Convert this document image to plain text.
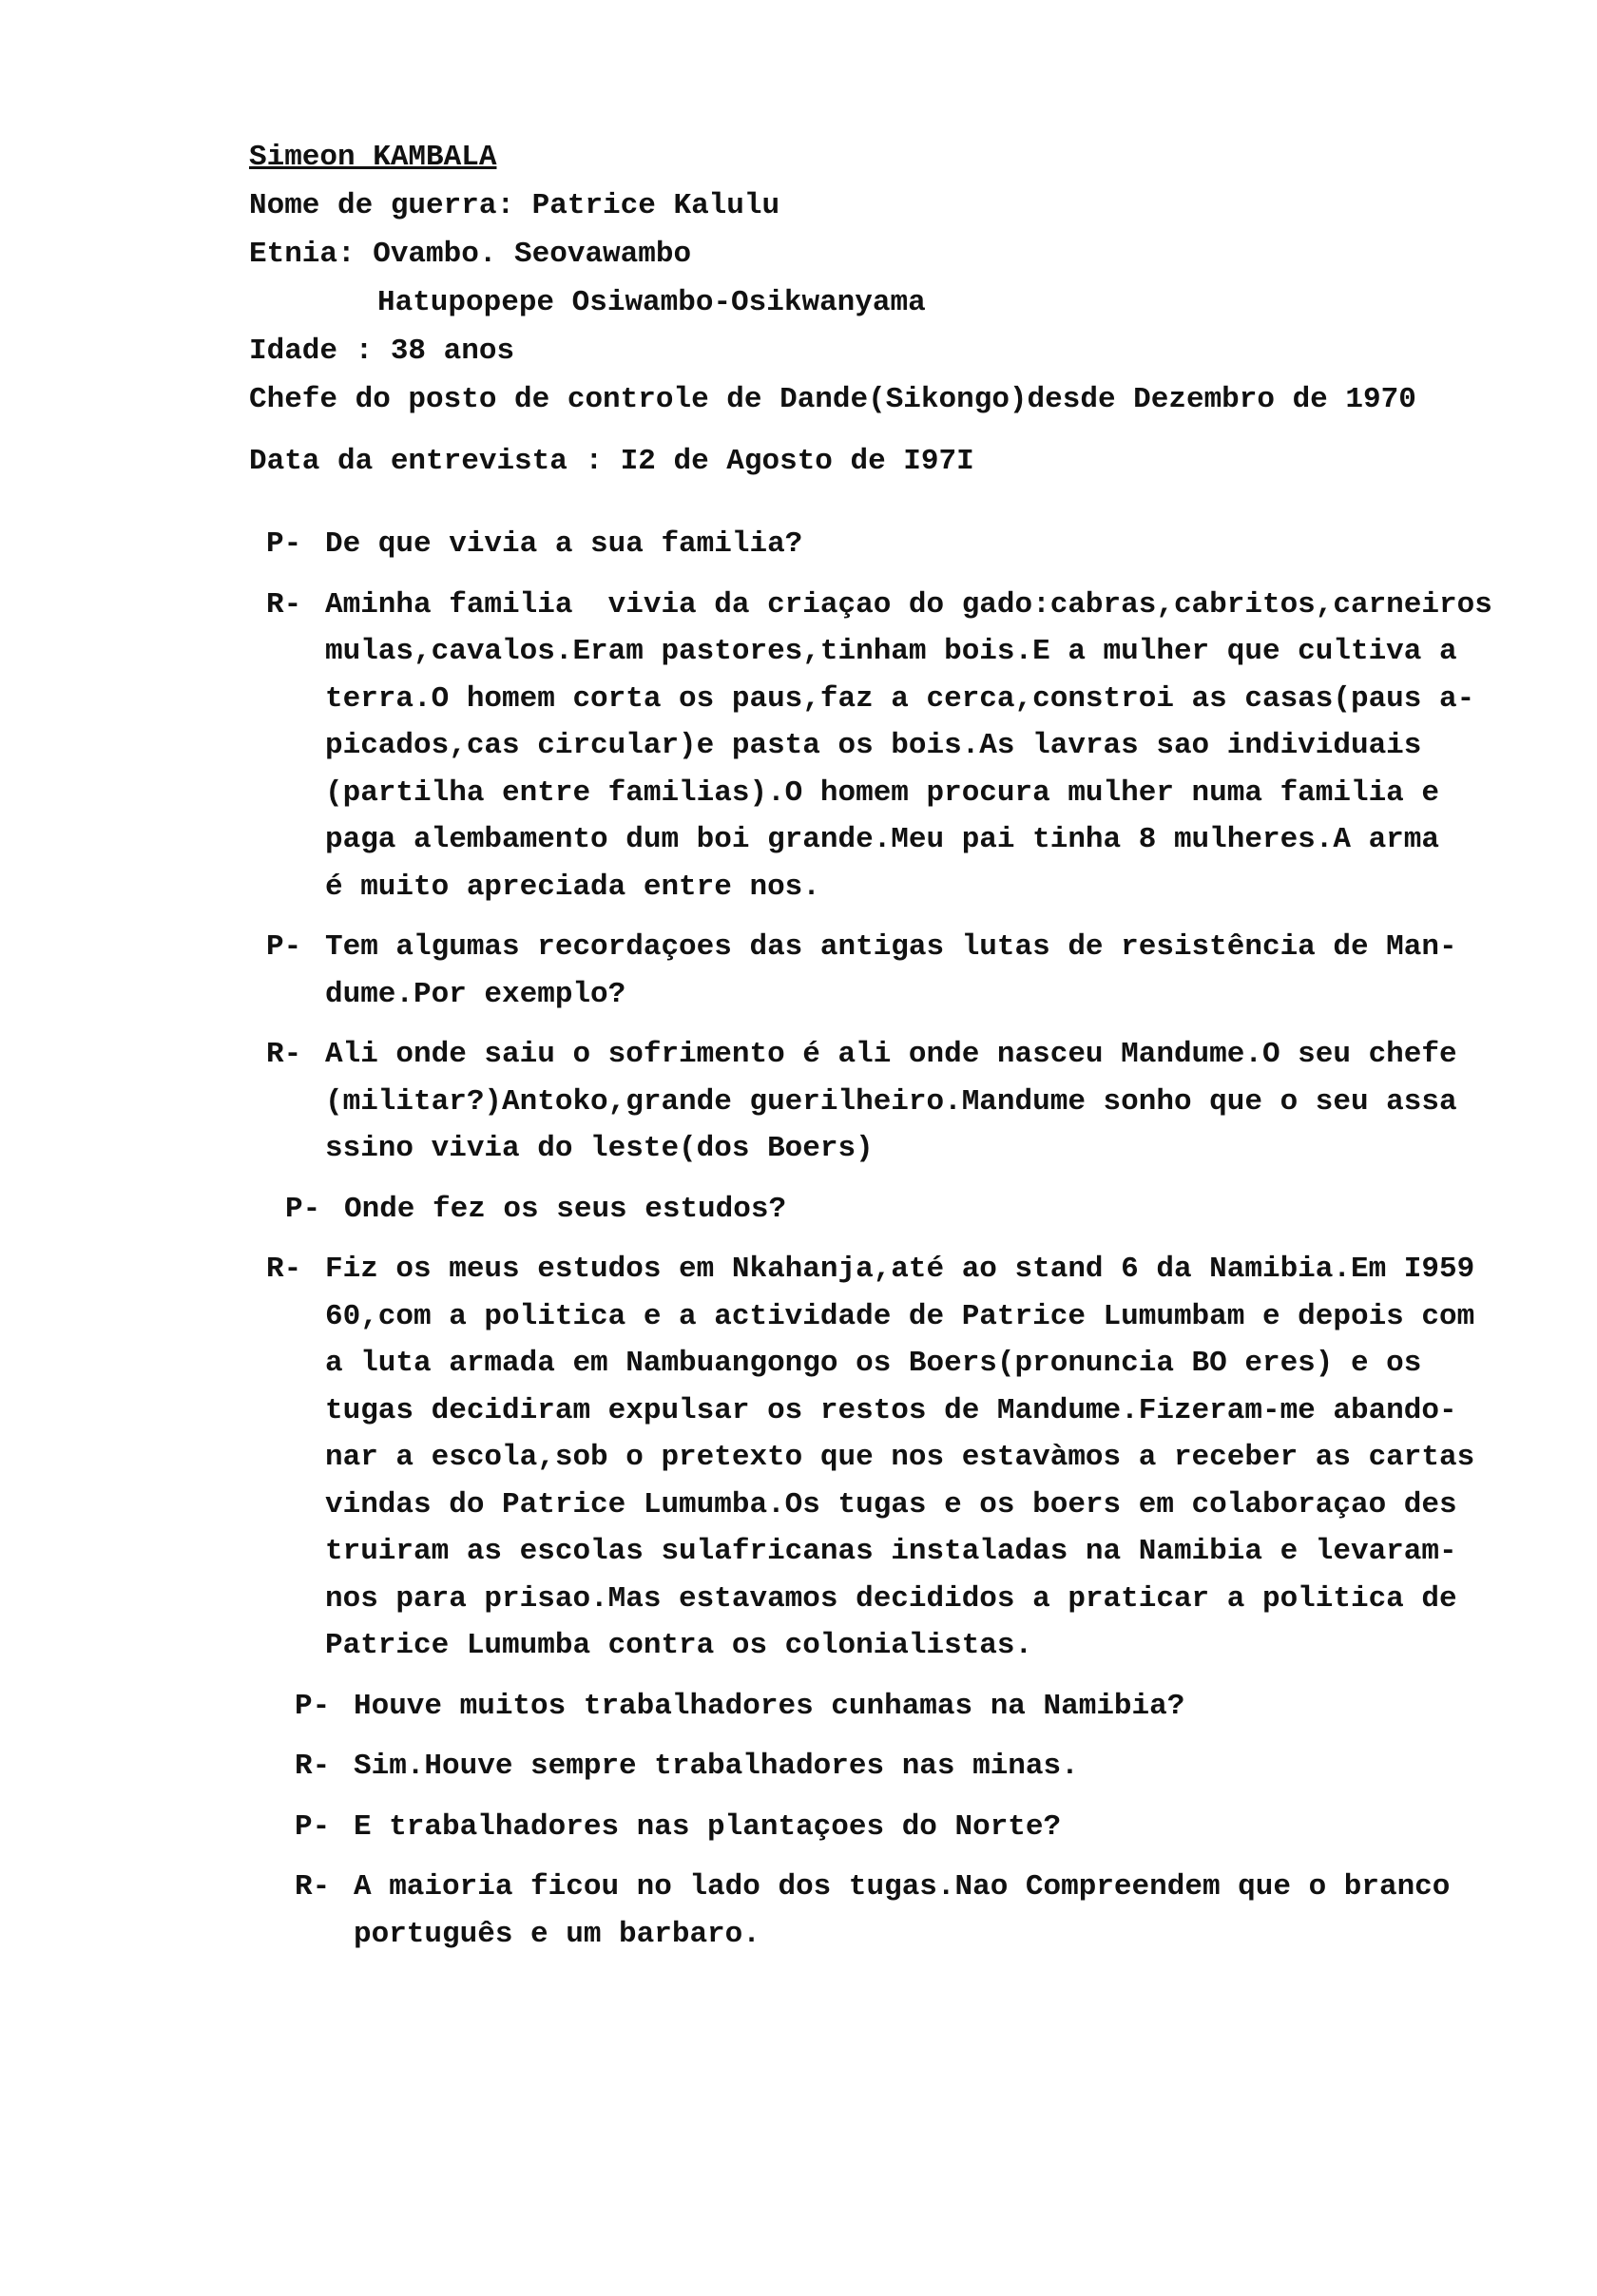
Simeon KAMBALA
Nome de guerra: Patrice Kalulu
Etnia: Ovambo. Seovawambo
Hatupopepe Osiwambo-Osikwanyama
Idade : 38 anos
Chefe do posto de controle de Dande(Sikongo)desde Dezembro de 1970
Data da entrevista : I2 de Agosto de I97I
P- De que vivia a sua familia?
R- Aminha familia  vivia da criaçao do gado:cabras,cabritos,carneiros
mulas,cavalos.Eram pastores,tinham bois.E a mulher que cultiva a
terra.O homem corta os paus,faz a cerca,constroi as casas(paus a-
picados,cas circular)e pasta os bois.As lavras sao individuais
(partilha entre familias).O homem procura mulher numa familia e
paga alembamento dum boi grande.Meu pai tinha 8 mulheres.A arma
é muito apreciada entre nos.
P- Tem algumas recordaçoes das antigas lutas de resistência de Man-
dume.Por exemplo?
R- Ali onde saiu o sofrimento é ali onde nasceu Mandume.O seu chefe
(militar?)Antoko,grande guerilheiro.Mandume sonho que o seu assa
ssino vivia do leste(dos Boers)
P- Onde fez os seus estudos?
R- Fiz os meus estudos em Nkahanja,até ao stand 6 da Namibia.Em I959
60,com a politica e a actividade de Patrice Lumumbam e depois com
a luta armada em Nambuangongo os Boers(pronuncia BO eres) e os
tugas decidiram expulsar os restos de Mandume.Fizeram-me abando-
nar a escola,sob o pretexto que nos estavàmos a receber as cartas
vindas do Patrice Lumumba.Os tugas e os boers em colaboraçao des
truiram as escolas sulafricanas instaladas na Namibia e levaram-
nos para prisao.Mas estavamos decididos a praticar a politica de
Patrice Lumumba contra os colonialistas.
P- Houve muitos trabalhadores cunhamas na Namibia?
R- Sim.Houve sempre trabalhadores nas minas.
P- E trabalhadores nas plantaçoes do Norte?
R- A maioria ficou no lado dos tugas.Nao Compreendem que o branco
português e um barbaro.
